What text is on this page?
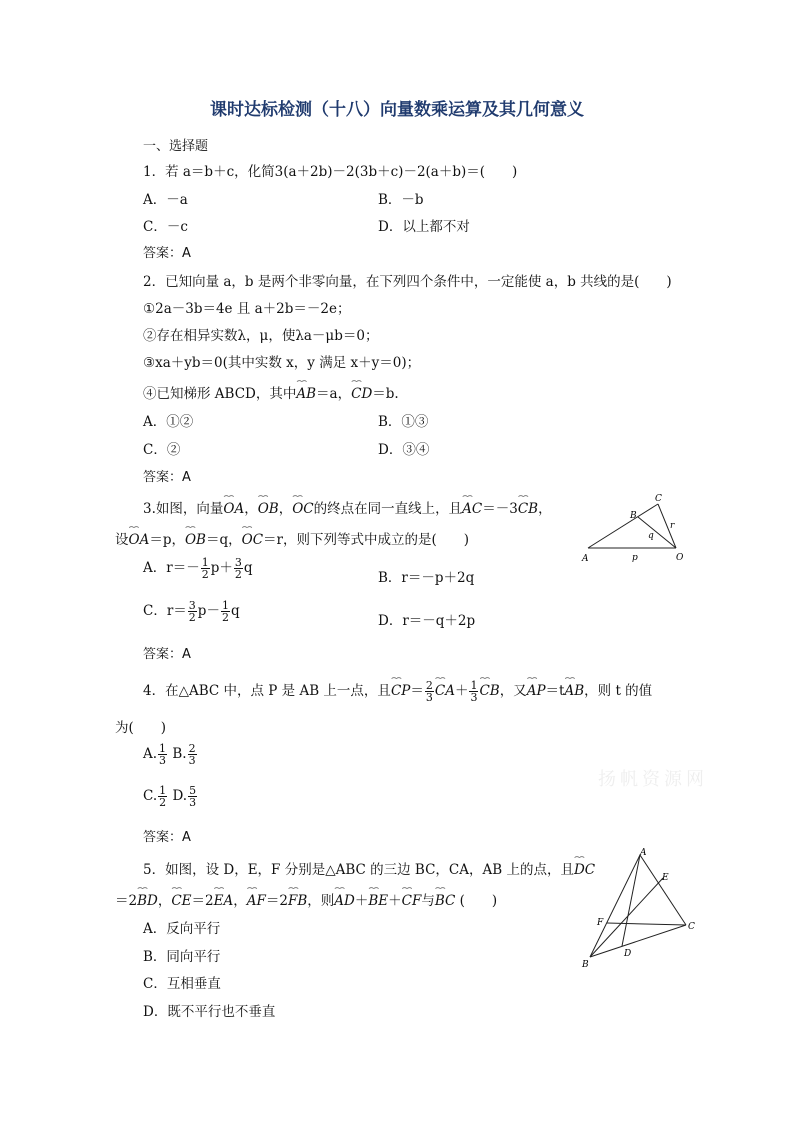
课时达标检测（十八）向量数乘运算及其几何意义
一、选择题
1．若 a＝b＋c，化简3(a＋2b)－2(3b＋c)－2(a＋b)＝(　　)
A．－a	B．－b
C．－c	D．以上都不对
答案：A
2．已知向量 a，b 是两个非零向量，在下列四个条件中，一定能使 a，b 共线的是(　　)
①2a－3b＝4e 且 a＋2b＝－2e；
②存在相异实数λ，μ，使λa－μb＝0；
③xa＋yb＝0(其中实数 x，y 满足 x＋y＝0)；
④已知梯形 ABCD，其中⌢⌢ AB＝a，⌢⌢ CD＝b.
A．①②	B．①③
C．②	D．③④
答案：A
3.如图，向量⌢⌢ OA，⌢⌢ OB，⌢⌢ OC的终点在同一直线上，且⌢⌢ AC＝－3⌢⌢ CB，
设⌢⌢ OA＝p，⌢⌢ OB＝q，⌢⌢ OC＝r，则下列等式中成立的是(　　)
A．$r=- \frac{1}{2} p+ \frac{3}{2}$ q
B．r＝－p＋2q
C．$r= \frac{3}{2} p- \frac{1}{2}$ q
D．r＝－q＋2p
答案：A
A
B
C
O
p
q
r
4．在△ABC 中，点 P 是 AB 上一点，且⌢⌢ $CP= \frac{2}{3}$ ⌢⌢ $CA+ \frac{1}{3}$ ⌢⌢ CB，又⌢⌢ AP＝t⌢⌢ AB，则 t 的值
为(　　)
A. $\frac{1}{3} B$. $\frac{2}{3}$
C. $\frac{1}{2} D$. $\frac{5}{3}$
答案：A
扬帆资源网
5．如图，设 D，E，F 分别是△ABC 的三边 BC，CA，AB 上的点，且⌢⌢ DC
＝2⌢⌢ BD，⌢⌢ CE＝2⌢⌢ EA，⌢⌢ AF＝2⌢⌢ FB，则⌢⌢ AD＋⌢⌢ BE＋⌢⌢ CF与⌢⌢ BC (　　)
A．反向平行
B．同向平行
C．互相垂直
D．既不平行也不垂直
A
B
C
D
E
F
